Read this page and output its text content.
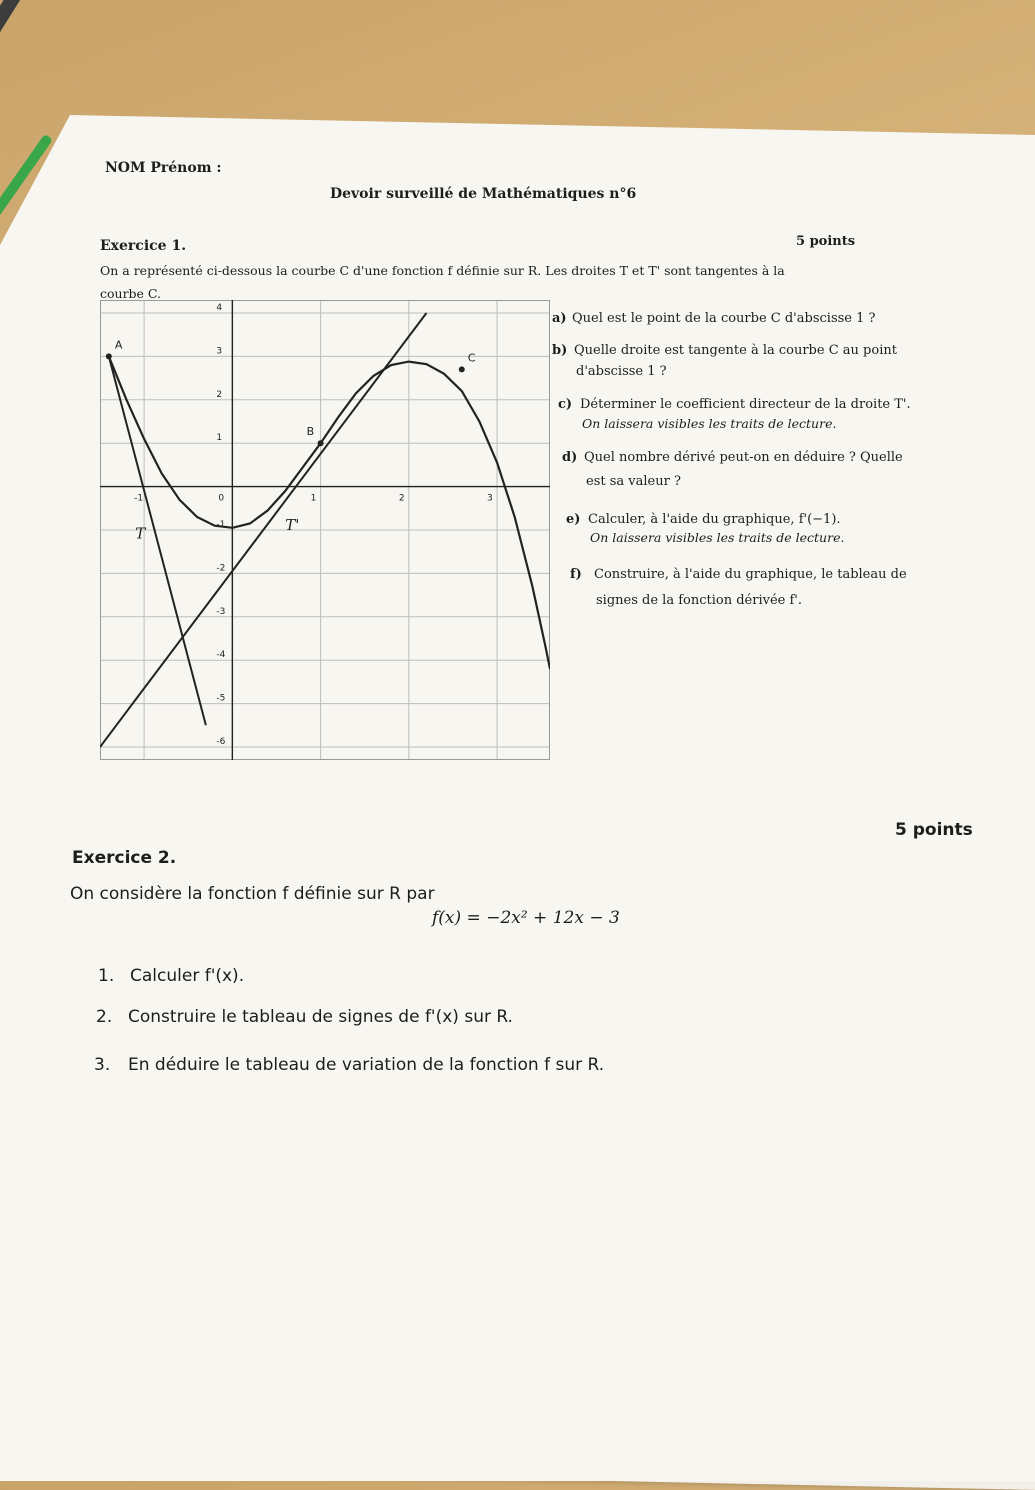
NOM Prénom :
Devoir surveillé de Mathématiques n°6
Exercice 1.	5 points
On a représenté ci-dessous la courbe C d'une fonction f définie sur R. Les droites T et T' sont tangentes à la
courbe C.
a) Quel est le point de la courbe C d'abscisse 1 ?
b) Quelle droite est tangente à la courbe C au point
d'abscisse 1 ?
c) Déterminer le coefficient directeur de la droite T'.
On laissera visibles les traits de lecture.
d) Quel nombre dérivé peut-on en déduire ? Quelle
est sa valeur ?
e) Calculer, à l'aide du graphique, f'(−1).
On laissera visibles les traits de lecture.
f) Construire, à l'aide du graphique, le tableau de
signes de la fonction dérivée f'.
-1	0	1	2	3
4
3
2
1
-1
-2
-3
-4
-5
-6
A
B
C
T	T'
Exercice 2.
5 points
On considère la fonction f définie sur R par
f(x) = −2x² + 12x − 3
1. Calculer f'(x).
2. Construire le tableau de signes de f'(x) sur R.
3. En déduire le tableau de variation de la fonction f sur R.
